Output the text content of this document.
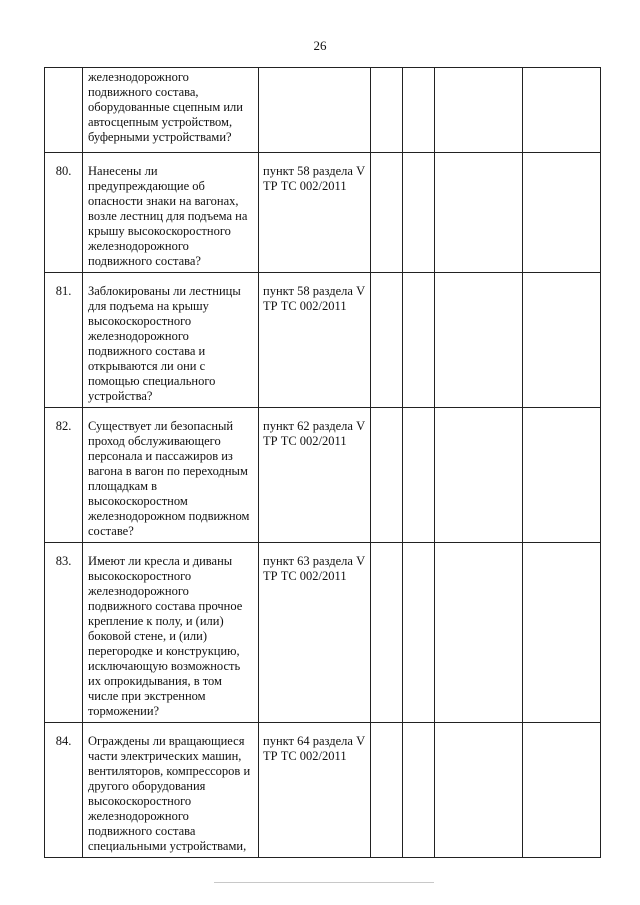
26
	железнодорожного подвижного состава, оборудованные сцепным или автосцепным устройством, буферными устройствами?					
80.	Нанесены ли предупреждающие об опасности знаки на вагонах, возле лестниц для подъема на крышу высокоскоростного железнодорожного подвижного состава?	пункт 58 раздела V ТР ТС 002/2011				
81.	Заблокированы ли лестницы для подъема на крышу высокоскоростного железнодорожного подвижного состава и открываются ли они с помощью специального устройства?	пункт 58 раздела V ТР ТС 002/2011				
82.	Существует ли безопасный проход обслуживающего персонала и пассажиров из вагона в вагон по переходным площадкам в высокоскоростном железнодорожном подвижном составе?	пункт 62 раздела V ТР ТС 002/2011				
83.	Имеют ли кресла и диваны высокоскоростного железнодорожного подвижного состава прочное крепление к полу, и (или) боковой стене, и (или) перегородке и конструкцию, исключающую возможность их опрокидывания, в том числе при экстренном торможении?	пункт 63 раздела V ТР ТС 002/2011				
84.	Ограждены ли вращающиеся части электрических машин, вентиляторов, компрессоров и другого оборудования высокоскоростного железнодорожного подвижного состава специальными устройствами,	пункт 64 раздела V ТР ТС 002/2011				
